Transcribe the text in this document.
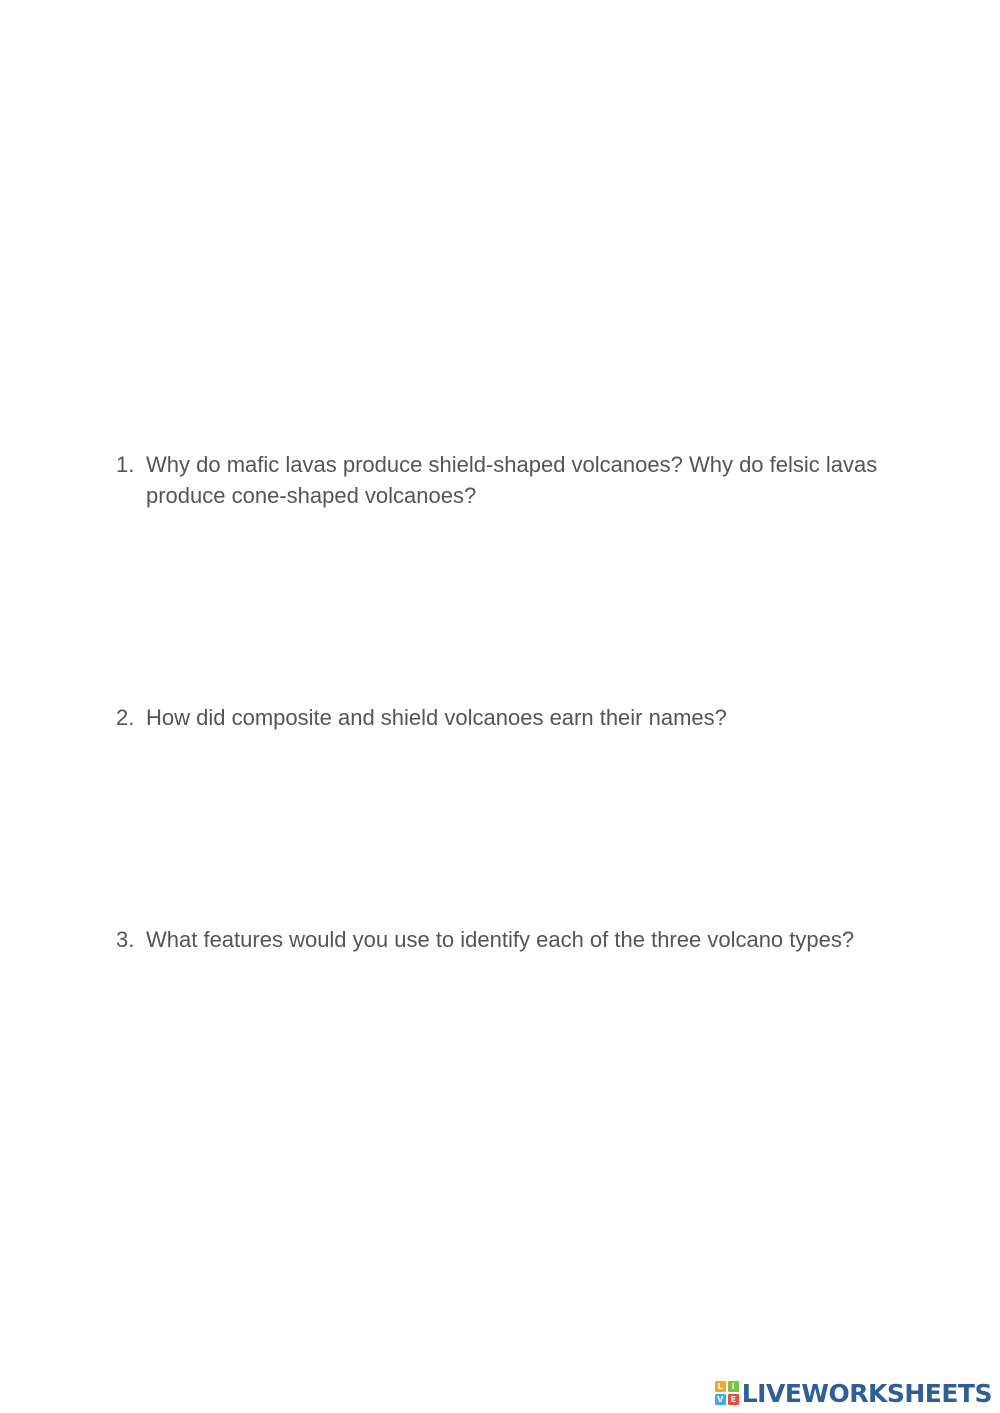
1. Why do mafic lavas produce shield-shaped volcanoes? Why do felsic lavas produce cone-shaped volcanoes?
2. How did composite and shield volcanoes earn their names?
3. What features would you use to identify each of the three volcano types?
L	I
V E LIVEWORKSHEETS
